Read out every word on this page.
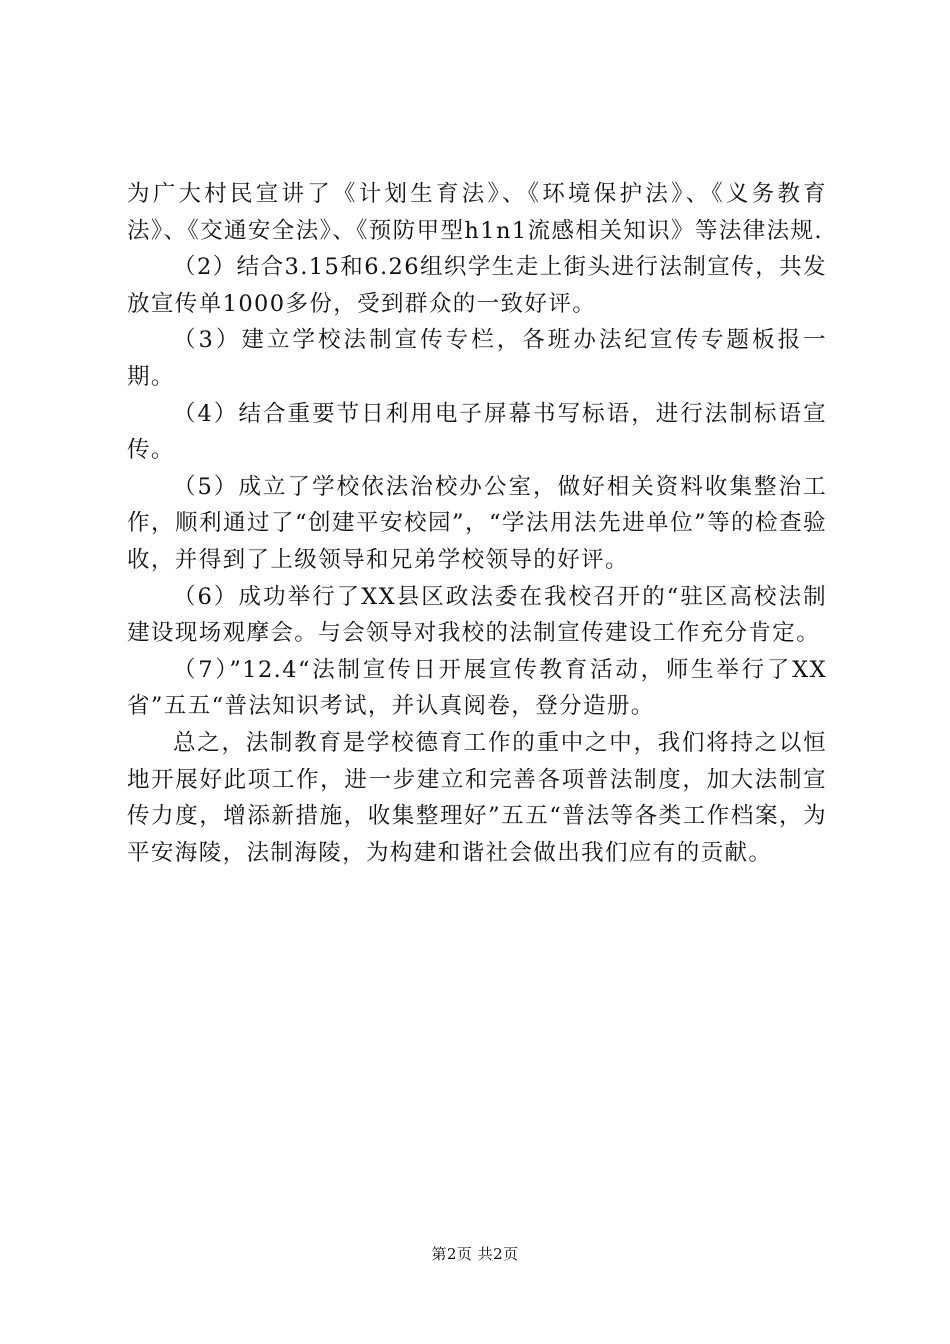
为广大村民宣讲了《计划生育法》、《环境保护法》、《义务教育法》、《交通安全法》、《预防甲型h1n1流感相关知识》等法律法规.

（2）结合3.15和6.26组织学生走上街头进行法制宣传，共发放宣传单1000多份，受到群众的一致好评。

（3）建立学校法制宣传专栏，各班办法纪宣传专题板报一期。

（4）结合重要节日利用电子屏幕书写标语，进行法制标语宣传。

（5）成立了学校依法治校办公室，做好相关资料收集整治工作，顺利通过了“创建平安校园”，“学法用法先进单位”等的检查验收，并得到了上级领导和兄弟学校领导的好评。

（6）成功举行了XX县区政法委在我校召开的“驻区高校法制建设现场观摩会。与会领导对我校的法制宣传建设工作充分肯定。

（7）”12.4“法制宣传日开展宣传教育活动，师生举行了XX省”五五“普法知识考试，并认真阅卷，登分造册。

总之，法制教育是学校德育工作的重中之中，我们将持之以恒地开展好此项工作，进一步建立和完善各项普法制度，加大法制宣传力度，增添新措施，收集整理好”五五“普法等各类工作档案，为平安海陵，法制海陵，为构建和谐社会做出我们应有的贡献。

第2页 共2页
